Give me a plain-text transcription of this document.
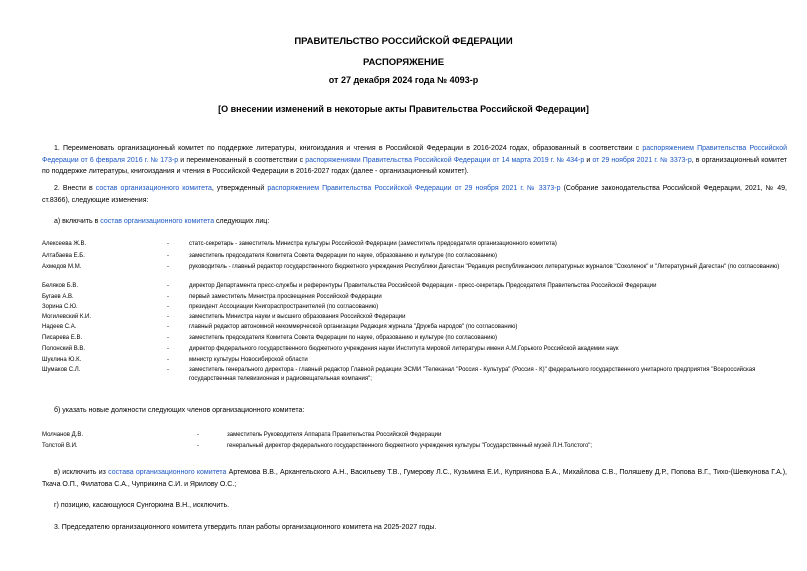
ПРАВИТЕЛЬСТВО РОССИЙСКОЙ ФЕДЕРАЦИИ
РАСПОРЯЖЕНИЕ
от 27 декабря 2024 года № 4093-р
[О внесении изменений в некоторые акты Правительства Российской Федерации]
1. Переименовать организационный комитет по поддержке литературы, книгоиздания и чтения в Российской Федерации в 2016-2024 годах, образованный в соответствии с распоряжением Правительства Российской Федерации от 6 февраля 2016 г. № 173-р и переименованный в соответствии с распоряжениями Правительства Российской Федерации от 14 марта 2019 г. № 434-р и от 29 ноября 2021 г. № 3373-р, в организационный комитет по поддержке литературы, книгоиздания и чтения в Российской Федерации в 2016-2027 годах (далее - организационный комитет).
2. Внести в состав организационного комитета, утвержденный распоряжением Правительства Российской Федерации от 29 ноября 2021 г. № 3373-р (Собрание законодательства Российской Федерации, 2021, № 49, ст.8366), следующие изменения:
а) включить в состав организационного комитета следующих лиц:
Алексеева Ж.В.	-	статс-секретарь - заместитель Министра культуры Российской Федерации (заместитель председателя организационного комитета)
Алтабаева Е.Б.	-	заместитель председателя Комитета Совета Федерации по науке, образованию и культуре (по согласованию)
Ахмедов М.М.	-	руководитель - главный редактор государственного бюджетного учреждения Республики Дагестан "Редакция республиканских литературных журналов "Соколенок" и "Литературный Дагестан" (по согласованию)
Беляков Б.В.	-	директор Департамента пресс-службы и референтуры Правительства Российской Федерации - пресс-секретарь Председателя Правительства Российской Федерации
Бугаев А.В.	-	первый заместитель Министра просвещения Российской Федерации
Зорина С.Ю.	-	президент Ассоциации Книгораспространителей (по согласованию)
Могилевский К.И.	-	заместитель Министра науки и высшего образования Российской Федерации
Надеев С.А.	-	главный редактор автономной некоммерческой организации Редакция журнала "Дружба народов" (по согласованию)
Писарева Е.В.	-	заместитель председателя Комитета Совета Федерации по науке, образованию и культуре (по согласованию)
Полонский В.В.	-	директор федерального государственного бюджетного учреждения науки Института мировой литературы имени А.М.Горького Российской академии наук
Шуклина Ю.К.	-	министр культуры Новосибирской области
Шумаков С.Л.	-	заместитель генерального директора - главный редактор Главной редакции ЭСМИ "Телеканал "Россия - Культура" (Россия - К)" федерального государственного унитарного предприятия "Всероссийская государственная телевизионная и радиовещательная компания";
б) указать новые должности следующих членов организационного комитета:
Молчанов Д.В.	-	заместитель Руководителя Аппарата Правительства Российской Федерации
Толстой В.И.	-	генеральный директор федерального государственного бюджетного учреждения культуры "Государственный музей Л.Н.Толстого";
в) исключить из состава организационного комитета Артемова В.В., Архангельского А.Н., Васильеву Т.В., Гумерову Л.С., Кузьмина Е.И., Куприянова Б.А., Михайлова С.В., Поляшеву Д.Р., Попова В.Г., Тихо-(Шевкунова Г.А.), Ткача О.П., Филатова С.А., Чуприкина С.И. и Ярилову О.С.;
г) позицию, касающуюся Сунгоркина В.Н., исключить.
3. Председателю организационного комитета утвердить план работы организационного комитета на 2025-2027 годы.
